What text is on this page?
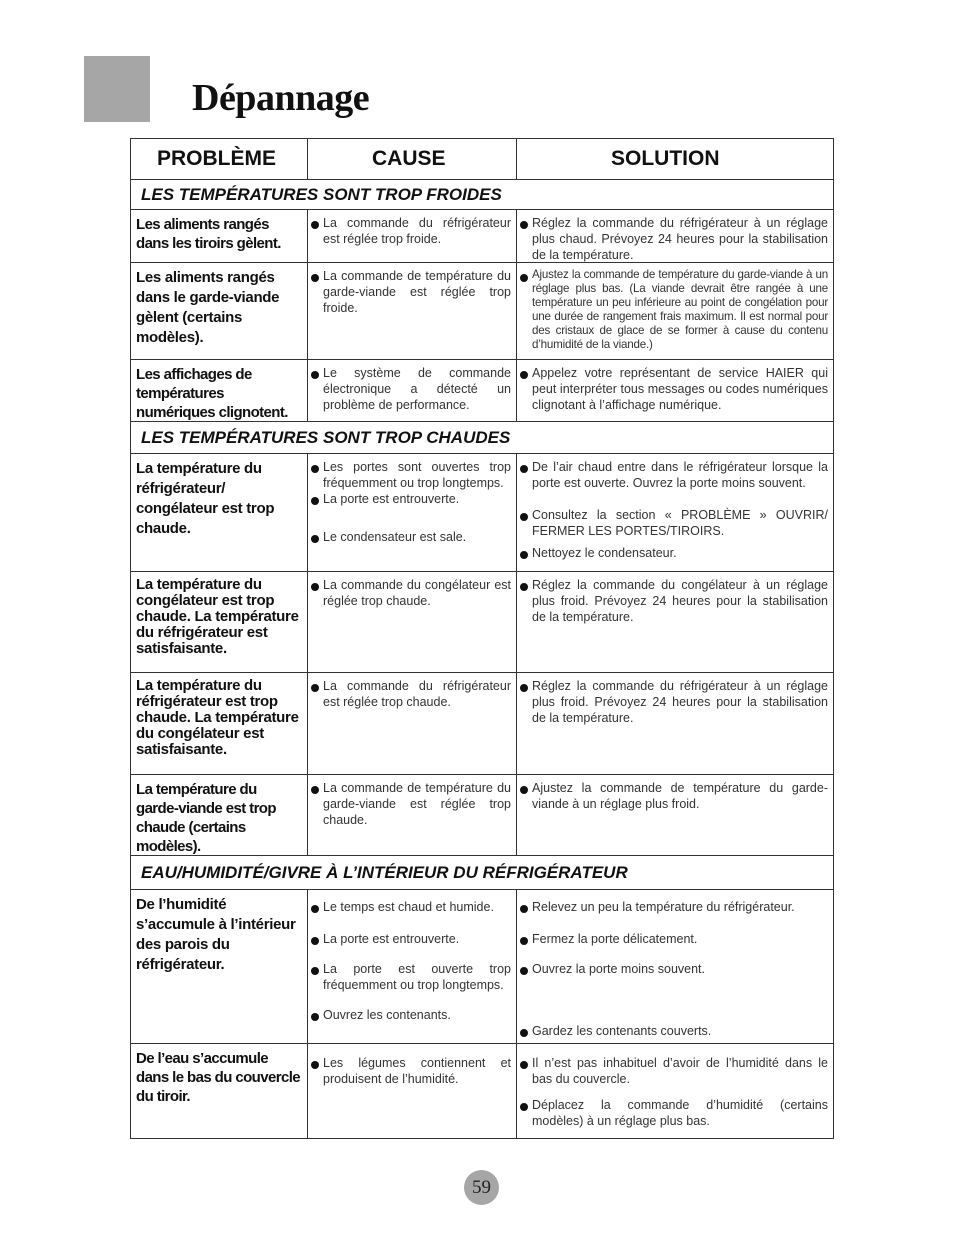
Dépannage
PROBLÈME	CAUSE	SOLUTION
LES TEMPÉRATURES SONT TROP FROIDES
Les aliments rangés dans les tiroirs gèlent.
La commande du réfrigérateur est réglée trop froide.
Réglez la commande du réfrigérateur à un réglage plus chaud. Prévoyez 24 heures pour la stabilisation de la température.
Les aliments rangés dans le garde-viande gèlent (certains modèles).
La commande de température du garde-viande est réglée trop froide.
Ajustez la commande de température du garde-viande à un réglage plus bas. (La viande devrait être rangée à une température un peu inférieure au point de congélation pour une durée de rangement frais maximum. Il est normal pour des cristaux de glace de se former à cause du contenu d’humidité de la viande.)
Les affichages de températures numériques clignotent.
Le système de commande électronique a détecté un problème de performance.
Appelez votre représentant de service HAIER qui peut interpréter tous messages ou codes numériques clignotant à l’affichage numérique.
LES TEMPÉRATURES SONT TROP CHAUDES
La température du réfrigérateur/ congélateur est trop chaude.
Les portes sont ouvertes trop fréquemment ou trop longtemps.
La porte est entrouverte.
Le condensateur est sale.
De l’air chaud entre dans le réfrigérateur lorsque la porte est ouverte. Ouvrez la porte moins souvent.
Consultez la section « PROBLÈME » OUVRIR/ FERMER LES PORTES/TIROIRS.
Nettoyez le condensateur.
La température du congélateur est trop chaude. La température du réfrigérateur est satisfaisante.
La commande du congélateur est réglée trop chaude.
Réglez la commande du congélateur à un réglage plus froid. Prévoyez 24 heures pour la stabilisation de la température.
La température du réfrigérateur est trop chaude. La température du congélateur est satisfaisante.
La commande du réfrigérateur est réglée trop chaude.
Réglez la commande du réfrigérateur à un réglage plus froid. Prévoyez 24 heures pour la stabilisation de la température.
La température du garde-viande est trop chaude (certains modèles).
La commande de température du garde-viande est réglée trop chaude.
Ajustez la commande de température du garde-viande à un réglage plus froid.
EAU/HUMIDITÉ/GIVRE À L’INTÉRIEUR DU RÉFRIGÉRATEUR
De l’humidité s’accumule à l’intérieur des parois du réfrigérateur.
Le temps est chaud et humide.
La porte est entrouverte.
La porte est ouverte trop fréquemment ou trop longtemps.
Ouvrez les contenants.
Relevez un peu la température du réfrigérateur.
Fermez la porte délicatement.
Ouvrez la porte moins souvent.
Gardez les contenants couverts.
De l’eau s’accumule dans le bas du couvercle du tiroir.
Les légumes contiennent et produisent de l’humidité.
Il n’est pas inhabituel d’avoir de l’humidité dans le bas du couvercle.
Déplacez la commande d’humidité (certains modèles) à un réglage plus bas.
59
